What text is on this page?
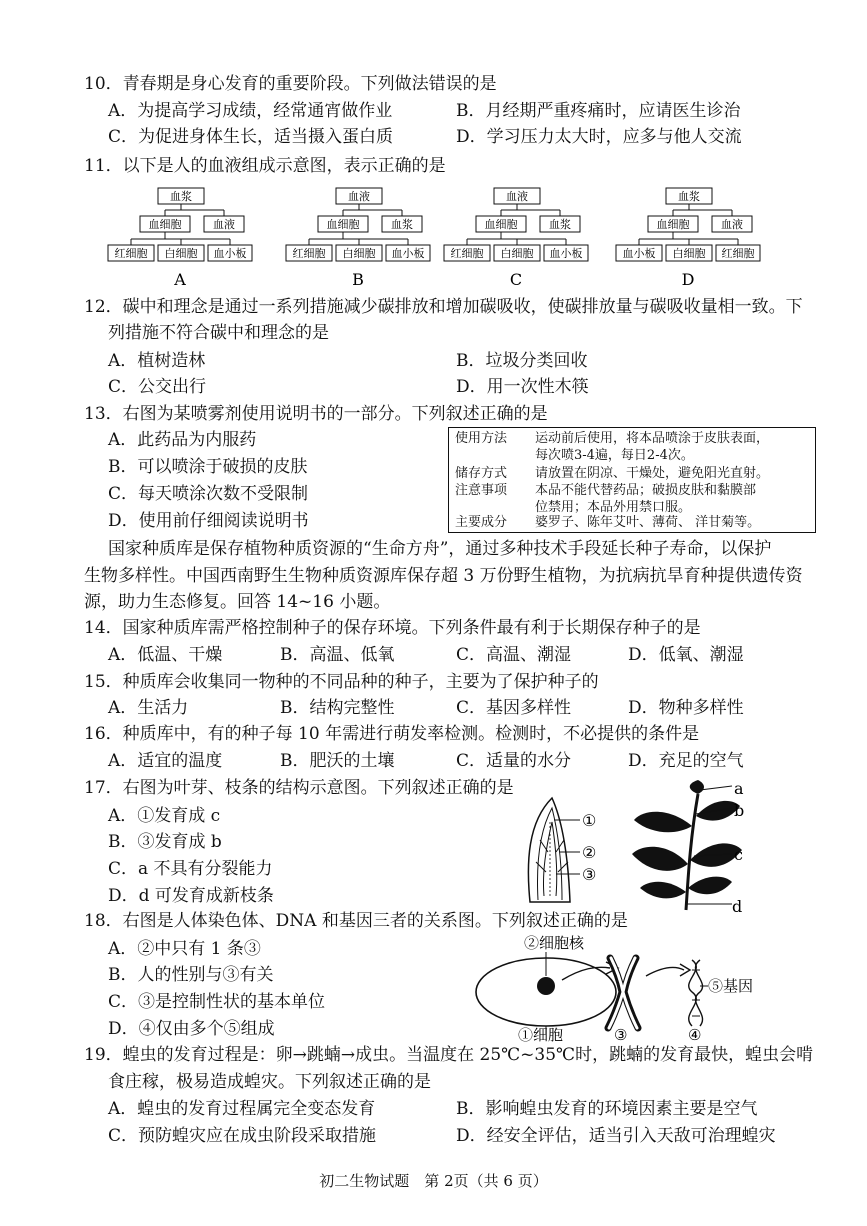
10．青春期是身心发育的重要阶段。下列做法错误的是
A．为提高学习成绩，经常通宵做作业	B．月经期严重疼痛时，应请医生诊治
C．为促进身体生长，适当摄入蛋白质	D．学习压力太大时，应多与他人交流
11．以下是人的血液组成示意图，表示正确的是
血浆
血细胞	血液
红细胞 白细胞 血小板
A
血液
血细胞	血浆
红细胞 白细胞 血小板
B
血液
血细胞	血浆
红细胞 白细胞 血小板
C
血浆
血细胞	血液
血小板 白细胞 红细胞
D
12．碳中和理念是通过一系列措施减少碳排放和增加碳吸收，使碳排放量与碳吸收量相一致。下
列措施不符合碳中和理念的是
A．植树造林	B．垃圾分类回收
C．公交出行	D．用一次性木筷
13．右图为某喷雾剂使用说明书的一部分。下列叙述正确的是
A．此药品为内服药
B．可以喷涂于破损的皮肤
C．每天喷涂次数不受限制
D．使用前仔细阅读说明书
使用方法 运动前后使用，将本品喷涂于皮肤表面，
每次喷3-4遍，每日2-4次。
储存方式 请放置在阴凉、干燥处，避免阳光直射。
注意事项 本品不能代替药品；破损皮肤和黏膜部
位禁用；本品外用禁口服。
主要成分 婆罗子、陈年艾叶、薄荷、 洋甘菊等。
国家种质库是保存植物种质资源的“生命方舟”，通过多种技术手段延长种子寿命，以保护
生物多样性。中国西南野生生物种质资源库保存超 3 万份野生植物，为抗病抗旱育种提供遗传资
源，助力生态修复。回答 14~16 小题。
14．国家种质库需严格控制种子的保存环境。下列条件最有利于长期保存种子的是
A．低温、干燥	B．高温、低氧	C．高温、潮湿	D．低氧、潮湿
15．种质库会收集同一物种的不同品种的种子，主要为了保护种子的
A．生活力	B．结构完整性	C．基因多样性	D．物种多样性
16．种质库中，有的种子每 10 年需进行萌发率检测。检测时，不必提供的条件是
A．适宜的温度	B．肥沃的土壤	C．适量的水分	D．充足的空气
17．右图为叶芽、枝条的结构示意图。下列叙述正确的是
A．①发育成 c
B．③发育成 b
C．a 不具有分裂能力
D．d 可发育成新枝条
①
②
③
a
b
c
d
18．右图是人体染色体、DNA 和基因三者的关系图。下列叙述正确的是
A．②中只有 1 条③
B．人的性别与③有关
C．③是控制性状的基本单位
D．④仅由多个⑤组成
②细胞核
①细胞	③
⑤基因
④
19．蝗虫的发育过程是：卵→跳蝻→成虫。当温度在 25℃~35℃时，跳蝻的发育最快，蝗虫会啃
食庄稼，极易造成蝗灾。下列叙述正确的是
A．蝗虫的发育过程属完全变态发育	B．影响蝗虫发育的环境因素主要是空气
C．预防蝗灾应在成虫阶段采取措施	D．经安全评估，适当引入天敌可治理蝗灾
初二生物试题　第 2页（共 6 页）
